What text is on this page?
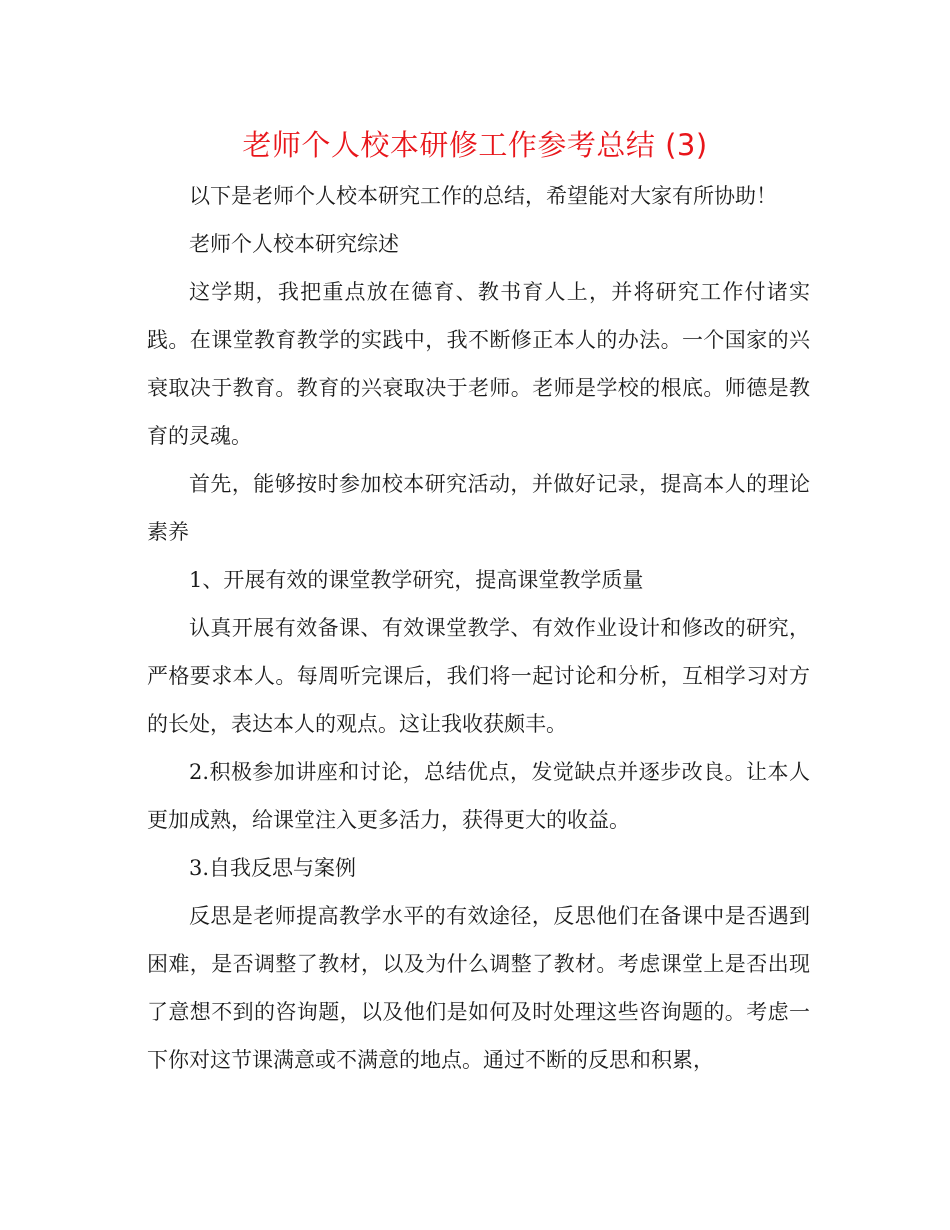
老师个人校本研修工作参考总结 (3)

以下是老师个人校本研究工作的总结，希望能对大家有所协助！

老师个人校本研究综述

这学期，我把重点放在德育、教书育人上，并将研究工作付诸实践。在课堂教育教学的实践中，我不断修正本人的办法。一个国家的兴衰取决于教育。教育的兴衰取决于老师。老师是学校的根底。师德是教育的灵魂。

首先，能够按时参加校本研究活动，并做好记录，提高本人的理论素养

1、开展有效的课堂教学研究，提高课堂教学质量

认真开展有效备课、有效课堂教学、有效作业设计和修改的研究，严格要求本人。每周听完课后，我们将一起讨论和分析，互相学习对方的长处，表达本人的观点。这让我收获颇丰。

2.积极参加讲座和讨论，总结优点，发觉缺点并逐步改良。让本人更加成熟，给课堂注入更多活力，获得更大的收益。

3.自我反思与案例

反思是老师提高教学水平的有效途径，反思他们在备课中是否遇到困难，是否调整了教材，以及为什么调整了教材。考虑课堂上是否出现了意想不到的咨询题，以及他们是如何及时处理这些咨询题的。考虑一下你对这节课满意或不满意的地点。通过不断的反思和积累，
